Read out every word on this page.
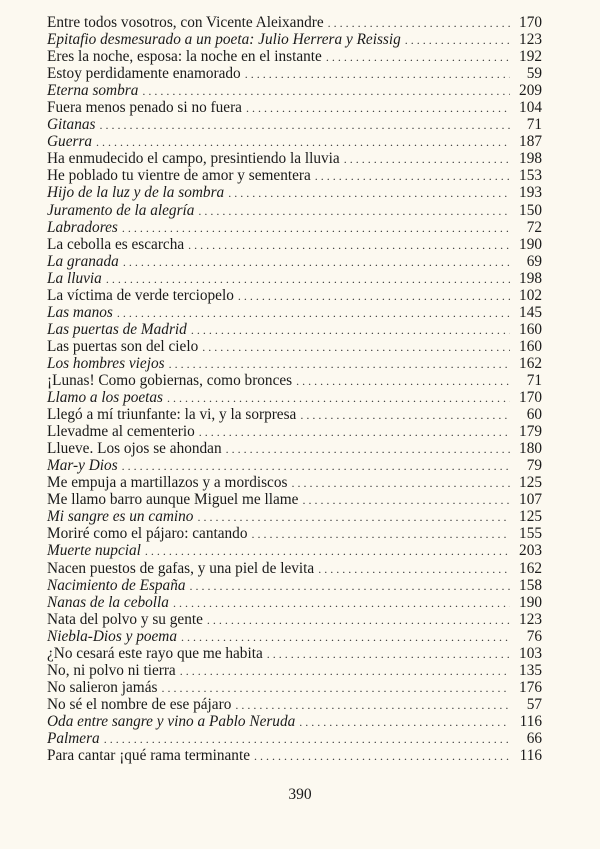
Entre todos vosotros, con Vicente Aleixandre . . .	170
Epitafio desmesurado a un poeta: Julio Herrera y Reissig . . .	123
Eres la noche, esposa: la noche en el instante . . .	192
Estoy perdidamente enamorado . . .	59
Eterna sombra . . .	209
Fuera menos penado si no fuera . . .	104
Gitanas . . .	71
Guerra . . .	187
Ha enmudecido el campo, presintiendo la lluvia . . .	198
He poblado tu vientre de amor y sementera . . .	153
Hijo de la luz y de la sombra . . .	193
Juramento de la alegría . . .	150
Labradores . . .	72
La cebolla es escarcha . . .	190
La granada . . .	69
La lluvia . . .	198
La víctima de verde terciopelo . . .	102
Las manos . . .	145
Las puertas de Madrid . . .	160
Las puertas son del cielo . . .	160
Los hombres viejos . . .	162
¡Lunas! Como gobiernas, como bronces . . .	71
Llamo a los poetas . . .	170
Llegó a mí triunfante: la vi, y la sorpresa . . .	60
Llevadme al cementerio . . .	179
Llueve. Los ojos se ahondan . . .	180
Mar-y Dios . . .	79
Me empuja a martillazos y a mordiscos . . .	125
Me llamo barro aunque Miguel me llame . . .	107
Mi sangre es un camino . . .	125
Moriré como el pájaro: cantando . . .	155
Muerte nupcial . . .	203
Nacen puestos de gafas, y una piel de levita . . .	162
Nacimiento de España . . .	158
Nanas de la cebolla . . .	190
Nata del polvo y su gente . . .	123
Niebla-Dios y poema . . .	76
¿No cesará este rayo que me habita . . .	103
No, ni polvo ni tierra . . .	135
No salieron jamás . . .	176
No sé el nombre de ese pájaro . . .	57
Oda entre sangre y vino a Pablo Neruda . . .	116
Palmera . . .	66
Para cantar ¡qué rama terminante . . .	116
390
